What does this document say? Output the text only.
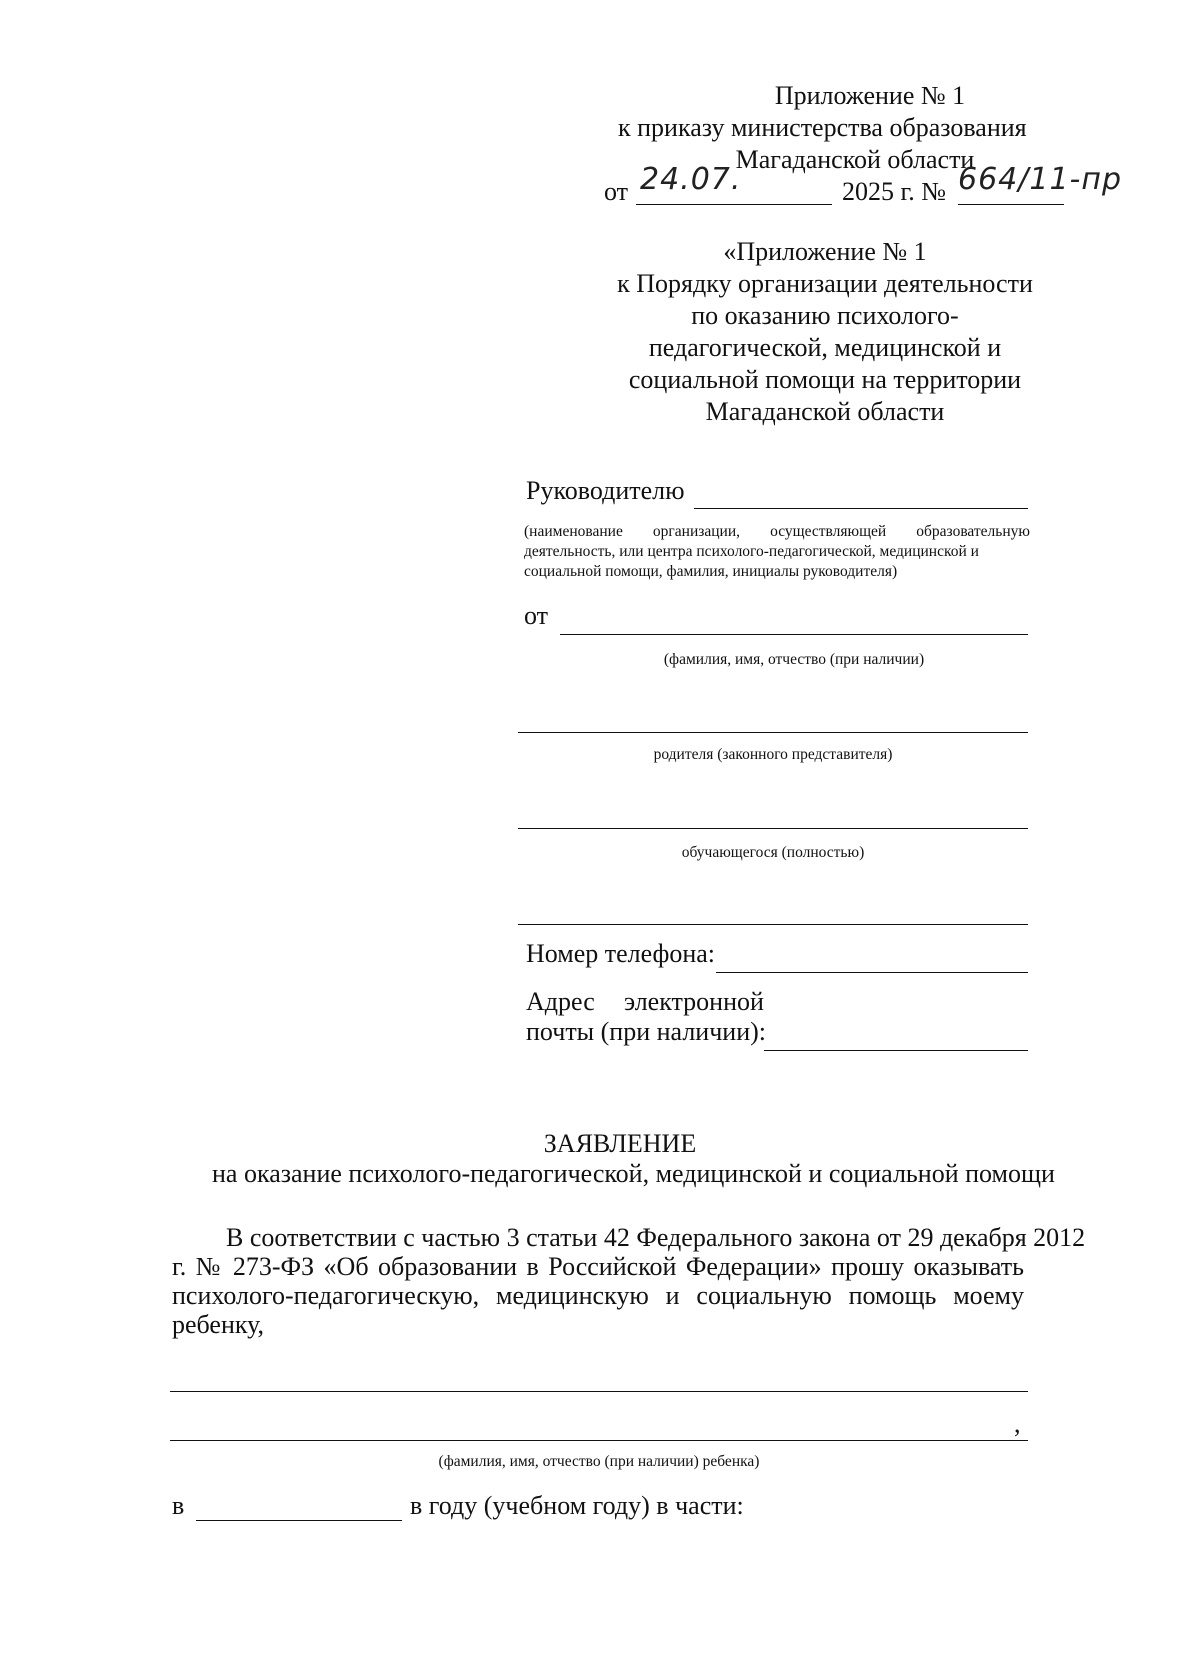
Приложение № 1
к приказу министерства образования
Магаданской области
от 24.07.	2025 г. № 664/11-пр
«Приложение № 1
к Порядку организации деятельности
по оказанию психолого-
педагогической, медицинской и
социальной помощи на территории
Магаданской области
Руководителю
(наименование организации, осуществляющей образовательную
деятельность, или центра психолого-педагогической, медицинской и
социальной помощи, фамилия, инициалы руководителя)
от
(фамилия, имя, отчество (при наличии)
родителя (законного представителя)
обучающегося (полностью)
Номер телефона:
Адрес электронной
почты (при наличии):
ЗАЯВЛЕНИЕ
на оказание психолого-педагогической, медицинской и социальной помощи
В соответствии с частью 3 статьи 42 Федерального закона от 29 декабря 2012
г. № 273-ФЗ «Об образовании в Российской Федерации» прошу оказывать
психолого-педагогическую, медицинскую и социальную помощь моему
ребенку,
,
(фамилия, имя, отчество (при наличии) ребенка)
в	в году (учебном году) в части:
